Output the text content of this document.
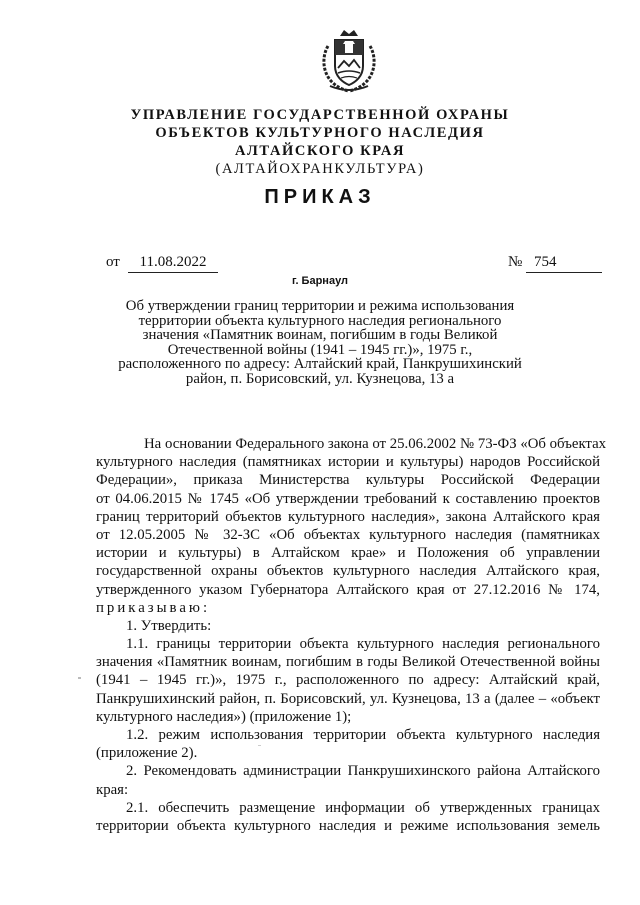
УПРАВЛЕНИЕ ГОСУДАРСТВЕННОЙ ОХРАНЫ
ОБЪЕКТОВ КУЛЬТУРНОГО НАСЛЕДИЯ
АЛТАЙСКОГО КРАЯ
(АЛТАЙОХРАНКУЛЬТУРА)
ПРИКАЗ
от	11.08.2022	№ 754
г. Барнаул
Об утверждении границ территории и режима использования
территории объекта культурного наследия регионального
значения «Памятник воинам, погибшим в годы Великой
Отечественной войны (1941 – 1945 гг.)», 1975 г.,
расположенного по адресу: Алтайский край, Панкрушихинский
район, п. Борисовский, ул. Кузнецова, 13 а
На основании Федерального закона от 25.06.2002 № 73-ФЗ «Об объектах
культурного наследия (памятниках истории и культуры) народов Российской
Федерации», приказа Министерства культуры Российской Федерации
от 04.06.2015 № 1745 «Об утверждении требований к составлению проектов
границ территорий объектов культурного наследия», закона Алтайского края
от 12.05.2005 № 32-ЗС «Об объектах культурного наследия (памятниках
истории и культуры) в Алтайском крае» и Положения об управлении
государственной охраны объектов культурного наследия Алтайского края,
утвержденного указом Губернатора Алтайского края от 27.12.2016 № 174,
приказываю:
1. Утвердить:
1.1. границы территории объекта культурного наследия регионального
значения «Памятник воинам, погибшим в годы Великой Отечественной войны
(1941 – 1945 гг.)», 1975 г., расположенного по адресу: Алтайский край,
Панкрушихинский район, п. Борисовский, ул. Кузнецова, 13 а (далее – «объект
культурного наследия») (приложение 1);
1.2. режим использования территории объекта культурного наследия
(приложение 2).
2. Рекомендовать администрации Панкрушихинского района Алтайского
края:
2.1. обеспечить размещение информации об утвержденных границах
территории объекта культурного наследия и режиме использования земель
